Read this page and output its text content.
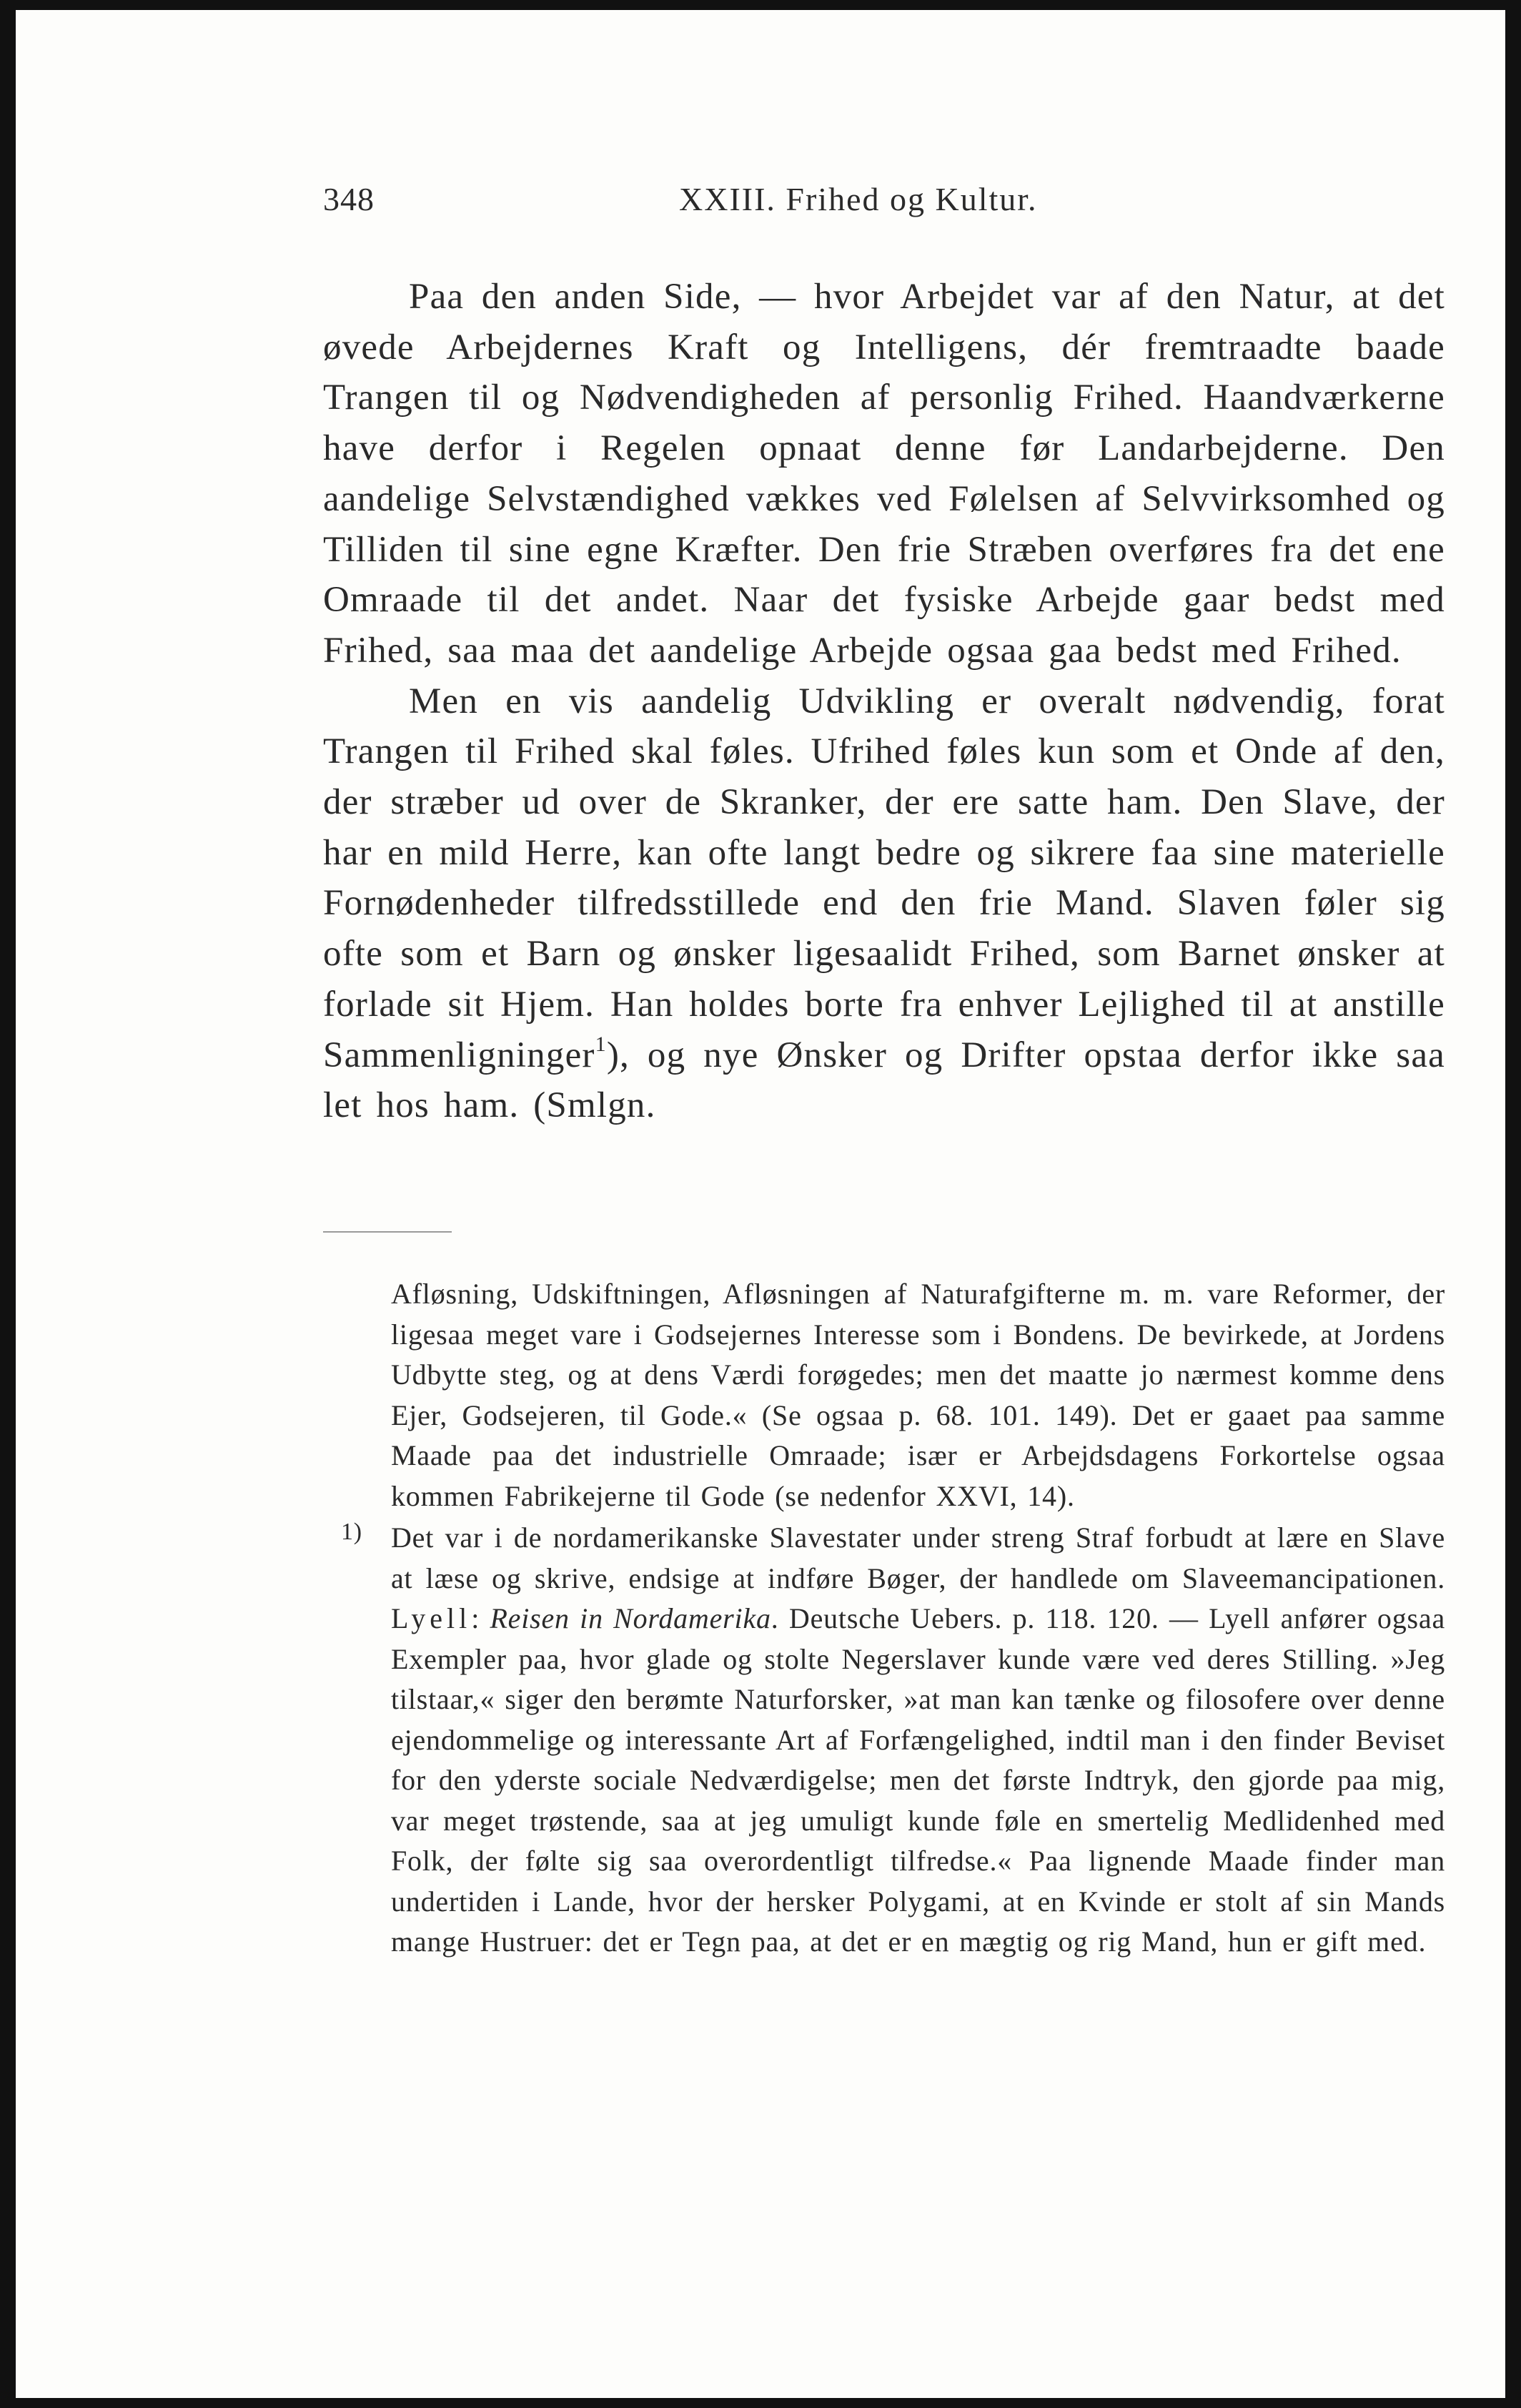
348	XXIII. Frihed og Kultur.

Paa den anden Side, — hvor Arbejdet var af den Natur, at det øvede Arbejdernes Kraft og Intelligens, dér fremtraadte baade Trangen til og Nødvendigheden af personlig Frihed. Haandværkerne have derfor i Regelen opnaat denne før Landarbejderne. Den aandelige Selvstændighed vækkes ved Følelsen af Selvvirksomhed og Tilliden til sine egne Kræfter. Den frie Stræben overføres fra det ene Omraade til det andet. Naar det fysiske Arbejde gaar bedst med Frihed, saa maa det aandelige Arbejde ogsaa gaa bedst med Frihed.

Men en vis aandelig Udvikling er overalt nødvendig, forat Trangen til Frihed skal føles. Ufrihed føles kun som et Onde af den, der stræber ud over de Skranker, der ere satte ham. Den Slave, der har en mild Herre, kan ofte langt bedre og sikrere faa sine materielle Fornødenheder tilfredsstillede end den frie Mand. Slaven føler sig ofte som et Barn og ønsker ligesaalidt Frihed, som Barnet ønsker at forlade sit Hjem. Han holdes borte fra enhver Lejlighed til at anstille Sammenligninger$^1$), og nye Ønsker og Drifter opstaa derfor ikke saa let hos ham. (Smlgn.

Afløsning, Udskiftningen, Afløsningen af Naturafgifterne m. m. vare Reformer, der ligesaa meget vare i Godsejernes Interesse som i Bondens. De bevirkede, at Jordens Udbytte steg, og at dens Værdi forøgedes; men det maatte jo nærmest komme dens Ejer, Godsejeren, til Gode.« (Se ogsaa p. 68. 101. 149). Det er gaaet paa samme Maade paa det industrielle Omraade; især er Arbejdsdagens Forkortelse ogsaa kommen Fabrikejerne til Gode (se nedenfor XXVI, 14).
1) Det var i de nordamerikanske Slavestater under streng Straf forbudt at lære en Slave at læse og skrive, endsige at indføre Bøger, der handlede om Slaveemancipationen. Lyell: Reisen in Nordamerika. Deutsche Uebers. p. 118. 120. — Lyell anfører ogsaa Exempler paa, hvor glade og stolte Negerslaver kunde være ved deres Stilling. »Jeg tilstaar,« siger den berømte Naturforsker, »at man kan tænke og filosofere over denne ejendommelige og interessante Art af Forfængelighed, indtil man i den finder Beviset for den yderste sociale Nedværdigelse; men det første Indtryk, den gjorde paa mig, var meget trøstende, saa at jeg umuligt kunde føle en smertelig Medlidenhed med Folk, der følte sig saa overordentligt tilfredse.« Paa lignende Maade finder man undertiden i Lande, hvor der hersker Polygami, at en Kvinde er stolt af sin Mands mange Hustruer: det er Tegn paa, at det er en mægtig og rig Mand, hun er gift med.
